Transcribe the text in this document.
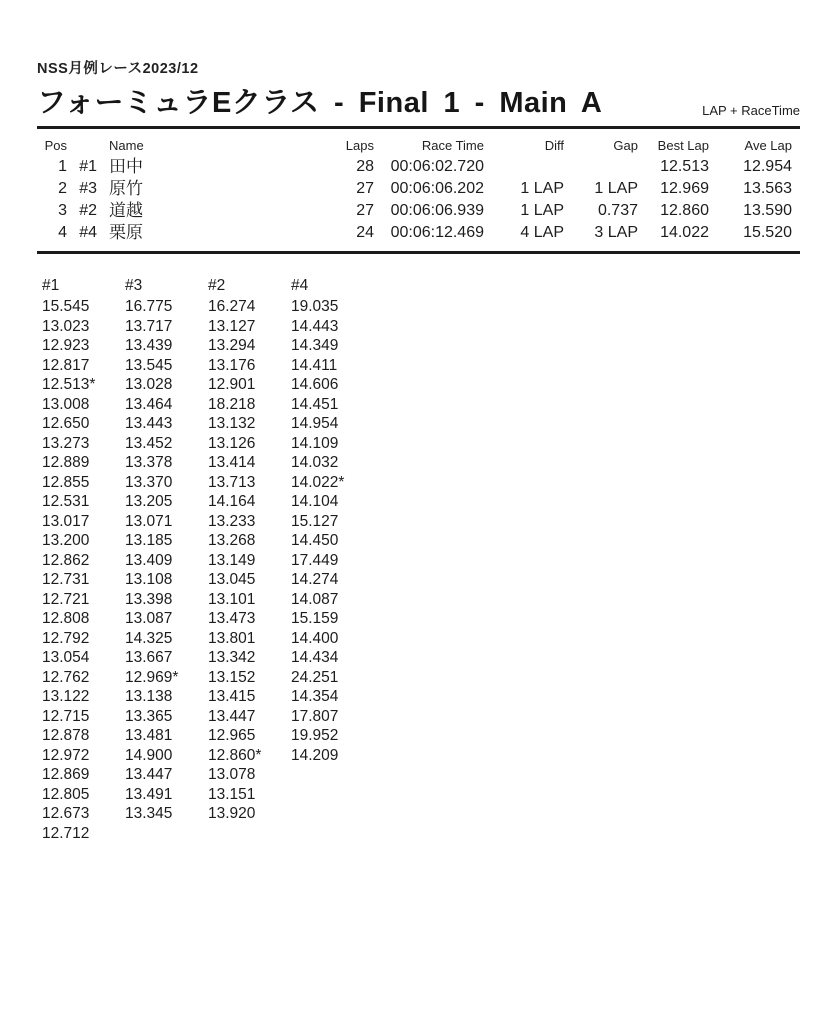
NSS月例レース2023/12
フォーミュラEクラス - Final 1 - Main A	LAP + RaceTime
Pos		Name	Laps	Race Time	Diff	Gap	Best Lap	Ave Lap
1	#1	田中	28	00:06:02.720			12.513	12.954
2	#3	原竹	27	00:06:06.202	1 LAP	1 LAP	12.969	13.563
3	#2	道越	27	00:06:06.939	1 LAP	0.737	12.860	13.590
4	#4	栗原	24	00:06:12.469	4 LAP	3 LAP	14.022	15.520
#1	#3	#2	#4
15.545	16.775	16.274	19.035
13.023	13.717	13.127	14.443
12.923	13.439	13.294	14.349
12.817	13.545	13.176	14.411
12.513*	13.028	12.901	14.606
13.008	13.464	18.218	14.451
12.650	13.443	13.132	14.954
13.273	13.452	13.126	14.109
12.889	13.378	13.414	14.032
12.855	13.370	13.713	14.022*
12.531	13.205	14.164	14.104
13.017	13.071	13.233	15.127
13.200	13.185	13.268	14.450
12.862	13.409	13.149	17.449
12.731	13.108	13.045	14.274
12.721	13.398	13.101	14.087
12.808	13.087	13.473	15.159
12.792	14.325	13.801	14.400
13.054	13.667	13.342	14.434
12.762	12.969*	13.152	24.251
13.122	13.138	13.415	14.354
12.715	13.365	13.447	17.807
12.878	13.481	12.965	19.952
12.972	14.900	12.860*	14.209
12.869	13.447	13.078	
12.805	13.491	13.151	
12.673	13.345	13.920	
12.712			
